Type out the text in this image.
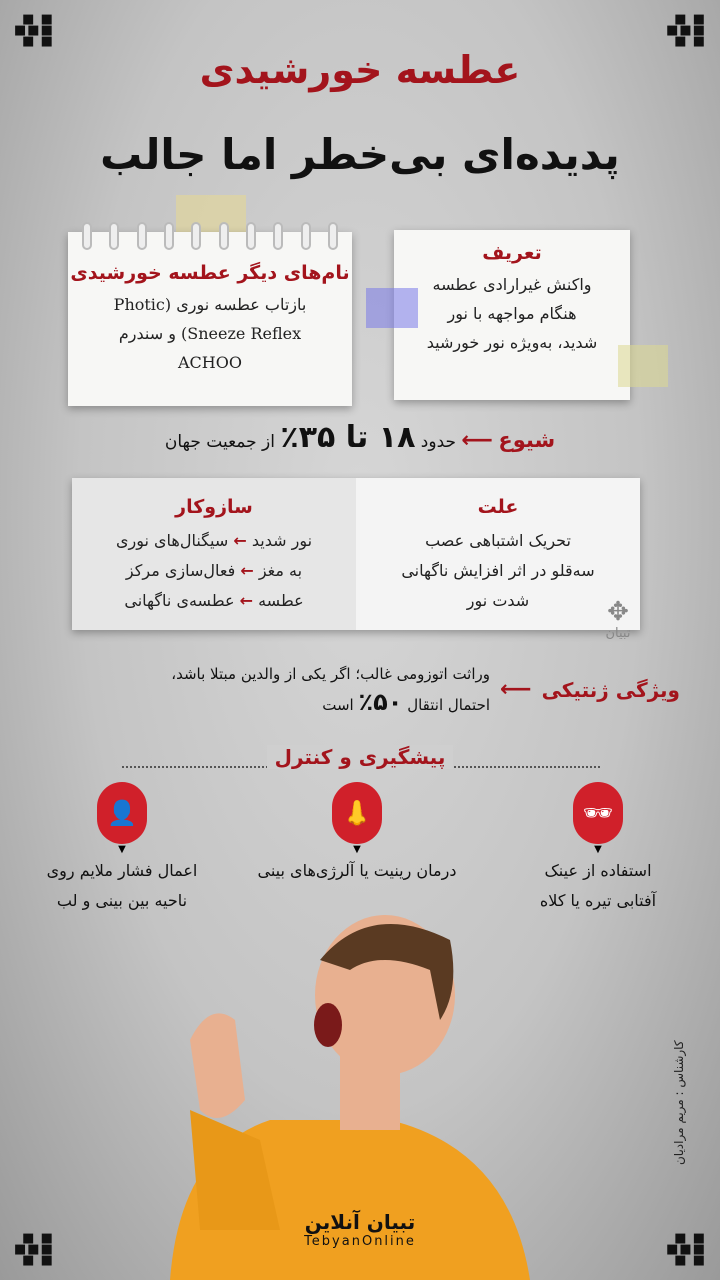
■ ■
■■■
■ ■
■ ■
■■■
■ ■
■ ■
■■■
■ ■
■ ■
■■■
■ ■
عطسه خورشیدی
پدیده‌ای بی‌خطر اما جالب
نام‌های دیگر عطسه خورشیدی

بازتاب عطسه نوری (Photic

Sneeze Reflex) و سندرم

ACHOO

تعریف

واکنش غیرارادی عطسه

هنگام مواجهه با نور

شدید، به‌ویژه نور خورشید

شیوع ⟵ حدود ۱۸ تا ۳۵٪ از جمعیت جهان
علت
تحریک اشتباهی عصب
سه‌قلو در اثر افزایش ناگهانی
شدت نور
سازوکار
نور شدید ← سیگنال‌های نوری
به مغز ← فعال‌سازی مرکز
عطسه ← عطسه‌ی ناگهانی	✥
تبیان
ویژگی ژنتیکی
⟵
وراثت اتوزومی غالب؛ اگر یکی از والدین مبتلا باشد،
احتمال انتقال ۵۰٪ است
پیشگیری و کنترل
🕶
▼
استفاده از عینک
آفتابی تیره یا کلاه
👃
▼
درمان رینیت یا آلرژی‌های بینی
👤
▼
اعمال فشار ملایم روی
ناحیه بین بینی و لب
کارشناس : مریم مرادیان
تبیان آنلاین
TebyanOnline
